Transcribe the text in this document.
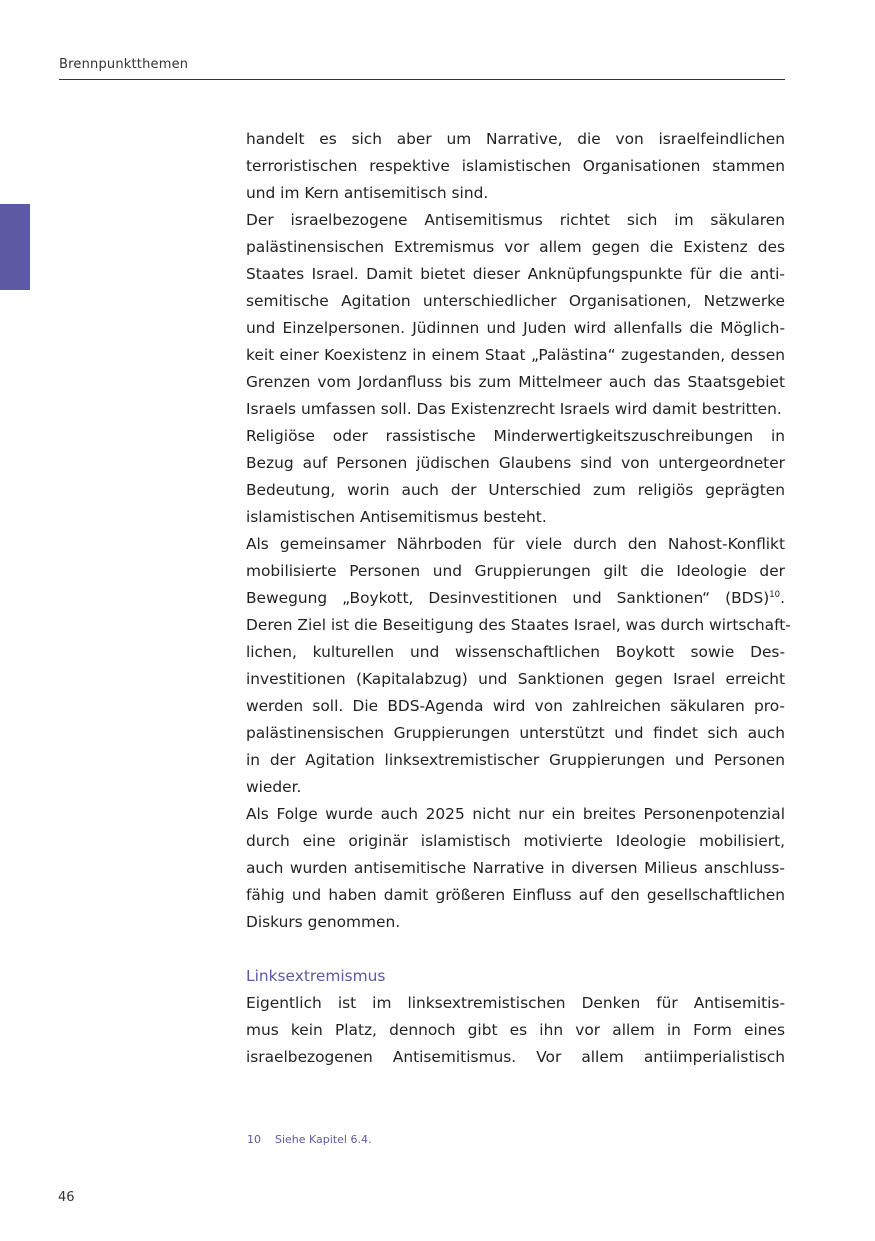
Brennpunktthemen
handelt es sich aber um Narrative, die von israelfeindlichen
terroristischen respektive islamistischen Organisationen stammen
und im Kern antisemitisch sind.
Der israelbezogene Antisemitismus richtet sich im säkularen
palästinensischen Extremismus vor allem gegen die Existenz des
Staates Israel. Damit bietet dieser Anknüpfungspunkte für die anti-
semitische Agitation unterschiedlicher Organisationen, Netzwerke
und Einzelpersonen. Jüdinnen und Juden wird allenfalls die Möglich-
keit einer Koexistenz in einem Staat „Palästina“ zugestanden, dessen
Grenzen vom Jordanfluss bis zum Mittelmeer auch das Staatsgebiet
Israels umfassen soll. Das Existenzrecht Israels wird damit bestritten.
Religiöse oder rassistische Minderwertigkeitszuschreibungen in
Bezug auf Personen jüdischen Glaubens sind von untergeordneter
Bedeutung, worin auch der Unterschied zum religiös geprägten
islamistischen Antisemitismus besteht.
Als gemeinsamer Nährboden für viele durch den Nahost-Konflikt
mobilisierte Personen und Gruppierungen gilt die Ideologie der
Bewegung „Boykott, Desinvestitionen und Sanktionen“ (BDS)$^{10}$.
Deren Ziel ist die Beseitigung des Staates Israel, was durch wirtschaft-
lichen, kulturellen und wissenschaftlichen Boykott sowie Des-
investitionen (Kapitalabzug) und Sanktionen gegen Israel erreicht
werden soll. Die BDS-Agenda wird von zahlreichen säkularen pro-
palästinensischen Gruppierungen unterstützt und findet sich auch
in der Agitation linksextremistischer Gruppierungen und Personen
wieder.
Als Folge wurde auch 2025 nicht nur ein breites Personenpotenzial
durch eine originär islamistisch motivierte Ideologie mobilisiert,
auch wurden antisemitische Narrative in diversen Milieus anschluss-
fähig und haben damit größeren Einfluss auf den gesellschaftlichen
Diskurs genommen.
Linksextremismus
Eigentlich ist im linksextremistischen Denken für Antisemitis-
mus kein Platz, dennoch gibt es ihn vor allem in Form eines
israelbezogenen Antisemitismus. Vor allem antiimperialistisch
10 Siehe Kapitel 6.4.
46
